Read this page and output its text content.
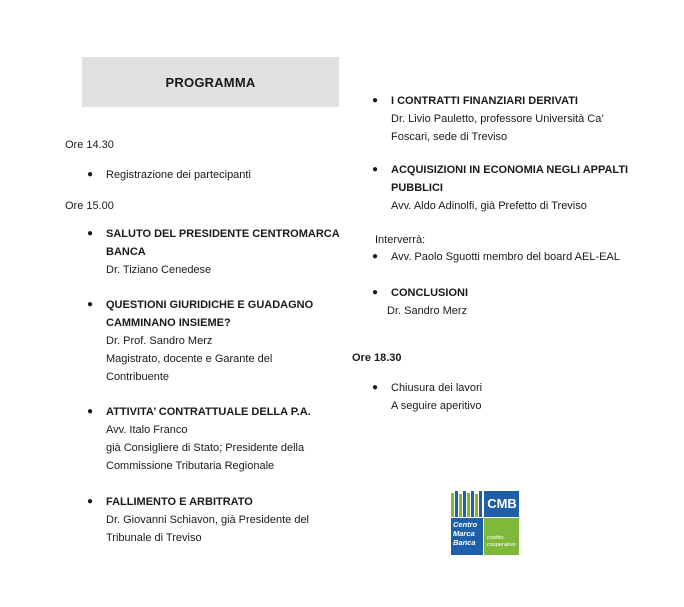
PROGRAMMA
Ore 14.30
● Registrazione dei partecipanti
Ore 15.00
● SALUTO DEL PRESIDENTE CENTROMARCA
BANCA
Dr. Tiziano Cenedese
● QUESTIONI GIURIDICHE E GUADAGNO
CAMMINANO INSIEME?
Dr. Prof. Sandro Merz
Magistrato, docente e Garante del
Contribuente
● ATTIVITA’ CONTRATTUALE DELLA P.A.
Avv. Italo Franco
già Consigliere di Stato; Presidente della
Commissione Tributaria Regionale
● FALLIMENTO E ARBITRATO
Dr. Giovanni Schiavon, già Presidente del
Tribunale di Treviso
● I CONTRATTI FINANZIARI DERIVATI
Dr. Livio Pauletto, professore Università Ca’
Foscari, sede di Treviso
● ACQUISIZIONI IN ECONOMIA NEGLI APPALTI
PUBBLICI
Avv. Aldo Adinolfi, già Prefetto di Treviso
Interverrà:
● Avv. Paolo Sguotti membro del board AEL-EAL
● CONCLUSIONI
Dr. Sandro Merz
Ore 18.30
● Chiusura dei lavori
A seguire aperitivo
CMB
Centro
Marca
Banca	credito
cooperativo
